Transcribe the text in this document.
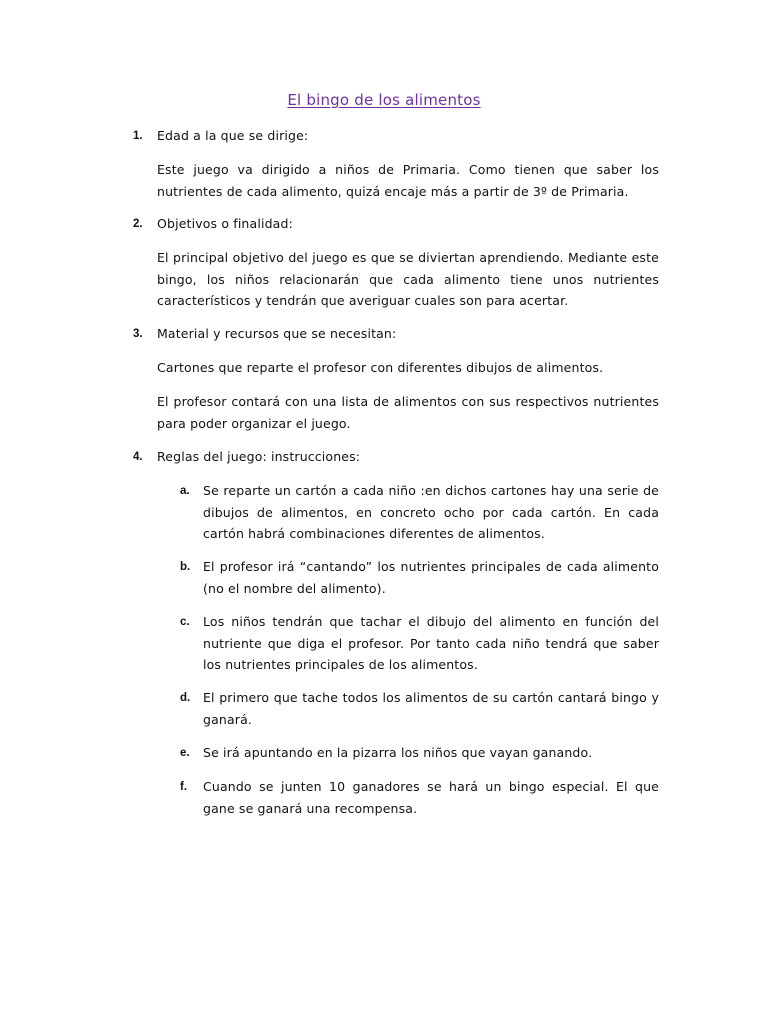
El bingo de los alimentos
1. Edad a la que se dirige:
Este juego va dirigido a niños de Primaria. Como tienen que saber los nutrientes de cada alimento, quizá encaje más a partir de 3º de Primaria.
2. Objetivos o finalidad:
El principal objetivo del juego es que se diviertan aprendiendo. Mediante este bingo, los niños relacionarán que cada alimento tiene unos nutrientes característicos y tendrán que averiguar cuales son para acertar.
3. Material y recursos que se necesitan:
Cartones que reparte el profesor con diferentes dibujos de alimentos.
El profesor contará con una lista de alimentos con sus respectivos nutrientes para poder organizar el juego.
4. Reglas del juego: instrucciones:
a. Se reparte un cartón a cada niño :en dichos cartones hay una serie de dibujos de alimentos, en concreto ocho por cada cartón. En cada cartón habrá combinaciones diferentes de alimentos.
b. El profesor irá “cantando” los nutrientes principales de cada alimento (no el nombre del alimento).
c. Los niños tendrán que tachar el dibujo del alimento en función del nutriente que diga el profesor. Por tanto cada niño tendrá que saber los nutrientes principales de los alimentos.
d. El primero que tache todos los alimentos de su cartón cantará bingo y ganará.
e. Se irá apuntando en la pizarra los niños que vayan ganando.
f. Cuando se junten 10 ganadores se hará un bingo especial. El que gane se ganará una recompensa.
